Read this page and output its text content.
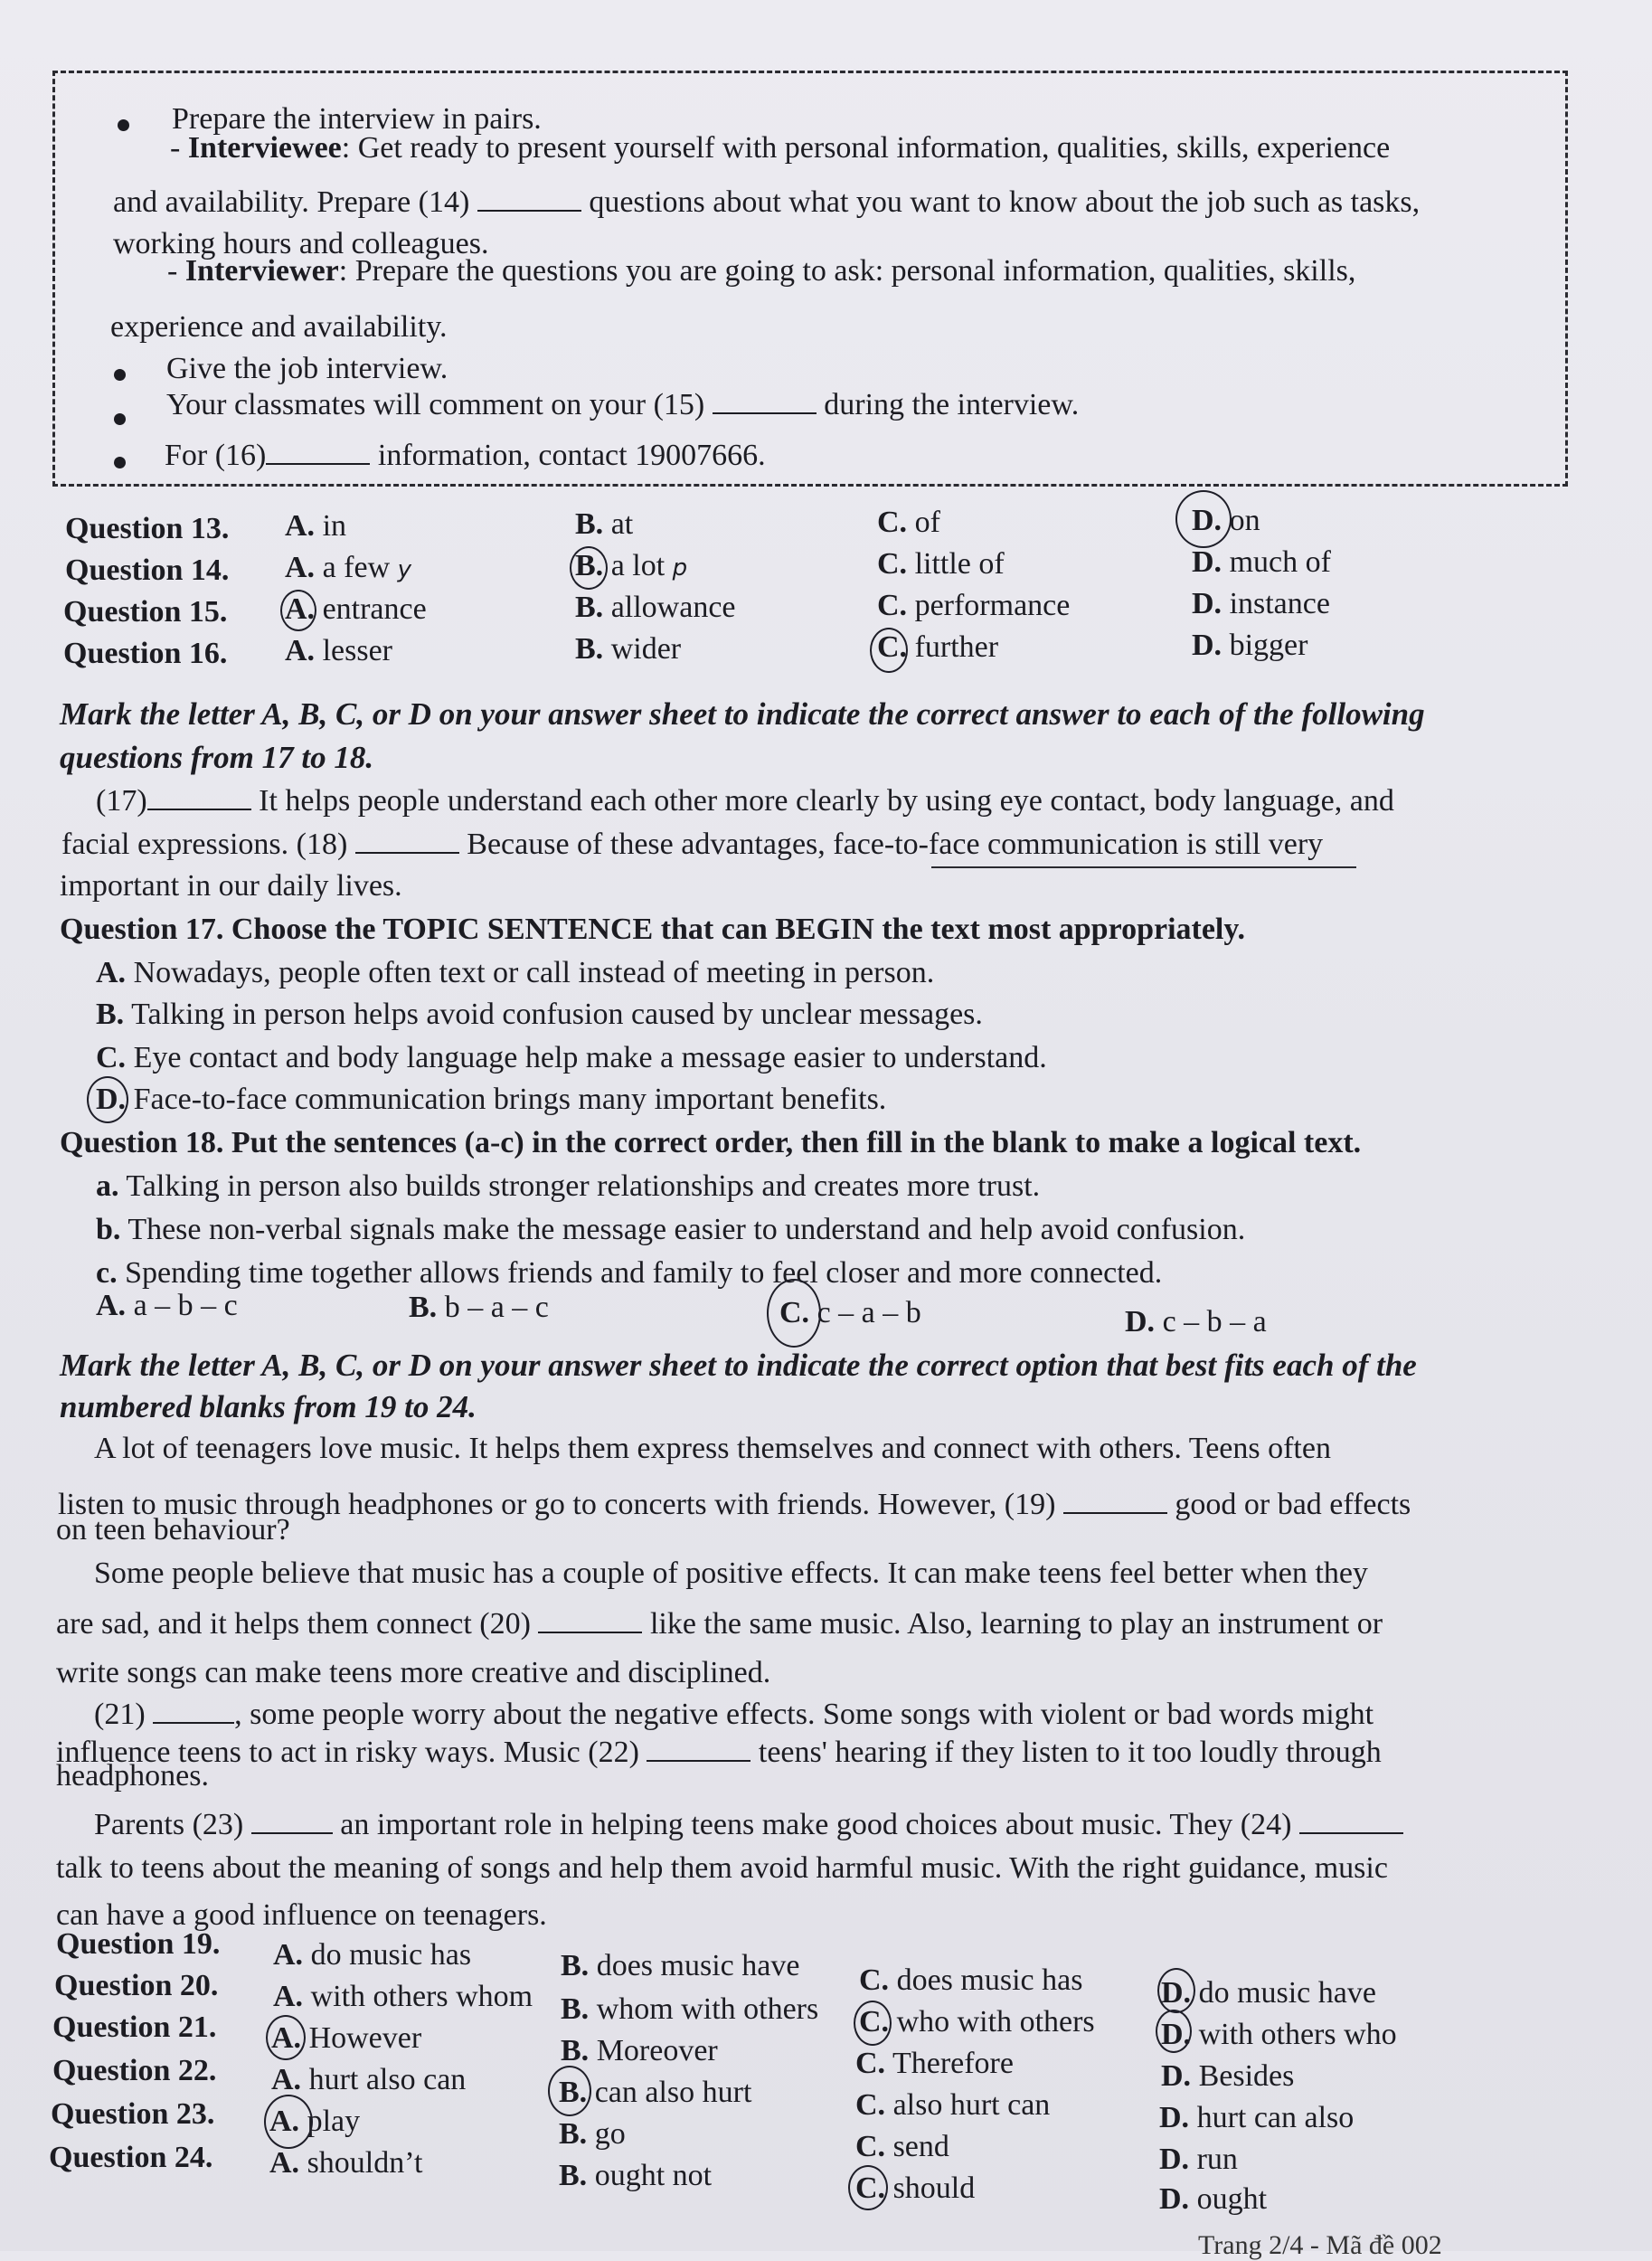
Prepare the interview in pairs.
- Interviewee: Get ready to present yourself with personal information, qualities, skills, experience
and availability. Prepare (14)	questions about what you want to know about the job such as tasks,
working hours and colleagues.
- Interviewer: Prepare the questions you are going to ask: personal information, qualities, skills,
experience and availability.
Give the job interview.
Your classmates will comment on your (15)	during the interview.
For (16)	information, contact 19007666.
Question 13. A. in	B. at	C. of	D. on
Question 14. A. a few y	B. a lot p	C. little of	D. much of
Question 15. A. entrance	B. allowance	C. performance	D. instance
Question 16. A. lesser	B. wider	C. further	D. bigger
Mark the letter A, B, C, or D on your answer sheet to indicate the correct answer to each of the following
questions from 17 to 18.
(17)	It helps people understand each other more clearly by using eye contact, body language, and
facial expressions. (18)	Because of these advantages, face-to-face communication is still very
important in our daily lives.
Question 17. Choose the TOPIC SENTENCE that can BEGIN the text most appropriately.
A. Nowadays, people often text or call instead of meeting in person.
B. Talking in person helps avoid confusion caused by unclear messages.
C. Eye contact and body language help make a message easier to understand.
D. Face-to-face communication brings many important benefits.
Question 18. Put the sentences (a-c) in the correct order, then fill in the blank to make a logical text.
a. Talking in person also builds stronger relationships and creates more trust.
b. These non-verbal signals make the message easier to understand and help avoid confusion.
c. Spending time together allows friends and family to feel closer and more connected.
A. a – b – c	B. b – a – c	C. c – a – b	D. c – b – a
Mark the letter A, B, C, or D on your answer sheet to indicate the correct option that best fits each of the
numbered blanks from 19 to 24.
A lot of teenagers love music. It helps them express themselves and connect with others. Teens often
listen to music through headphones or go to concerts with friends. However, (19)	good or bad effects
on teen behaviour?
Some people believe that music has a couple of positive effects. It can make teens feel better when they
are sad, and it helps them connect (20)	like the same music. Also, learning to play an instrument or
write songs can make teens more creative and disciplined.
(21)	, some people worry about the negative effects. Some songs with violent or bad words might
influence teens to act in risky ways. Music (22)	teens' hearing if they listen to it too loudly through
headphones.
Parents (23)	an important role in helping teens make good choices about music. They (24)
talk to teens about the meaning of songs and help them avoid harmful music. With the right guidance, music
can have a good influence on teenagers.
Question 19. A. do music has	B. does music have C. does music has	D. do music have
Question 20. A. with others whom B. whom with others C. who with others D. with others who
Question 21. A. However	B. Moreover	C. Therefore	D. Besides
Question 22. A. hurt also can	B. can also hurt	C. also hurt can	D. hurt can also
Question 23. A. play	B. go	C. send	D. run
Question 24. A. shouldn’t	B. ought not	C. should	D. ought
Trang 2/4 - Mã đề 002
